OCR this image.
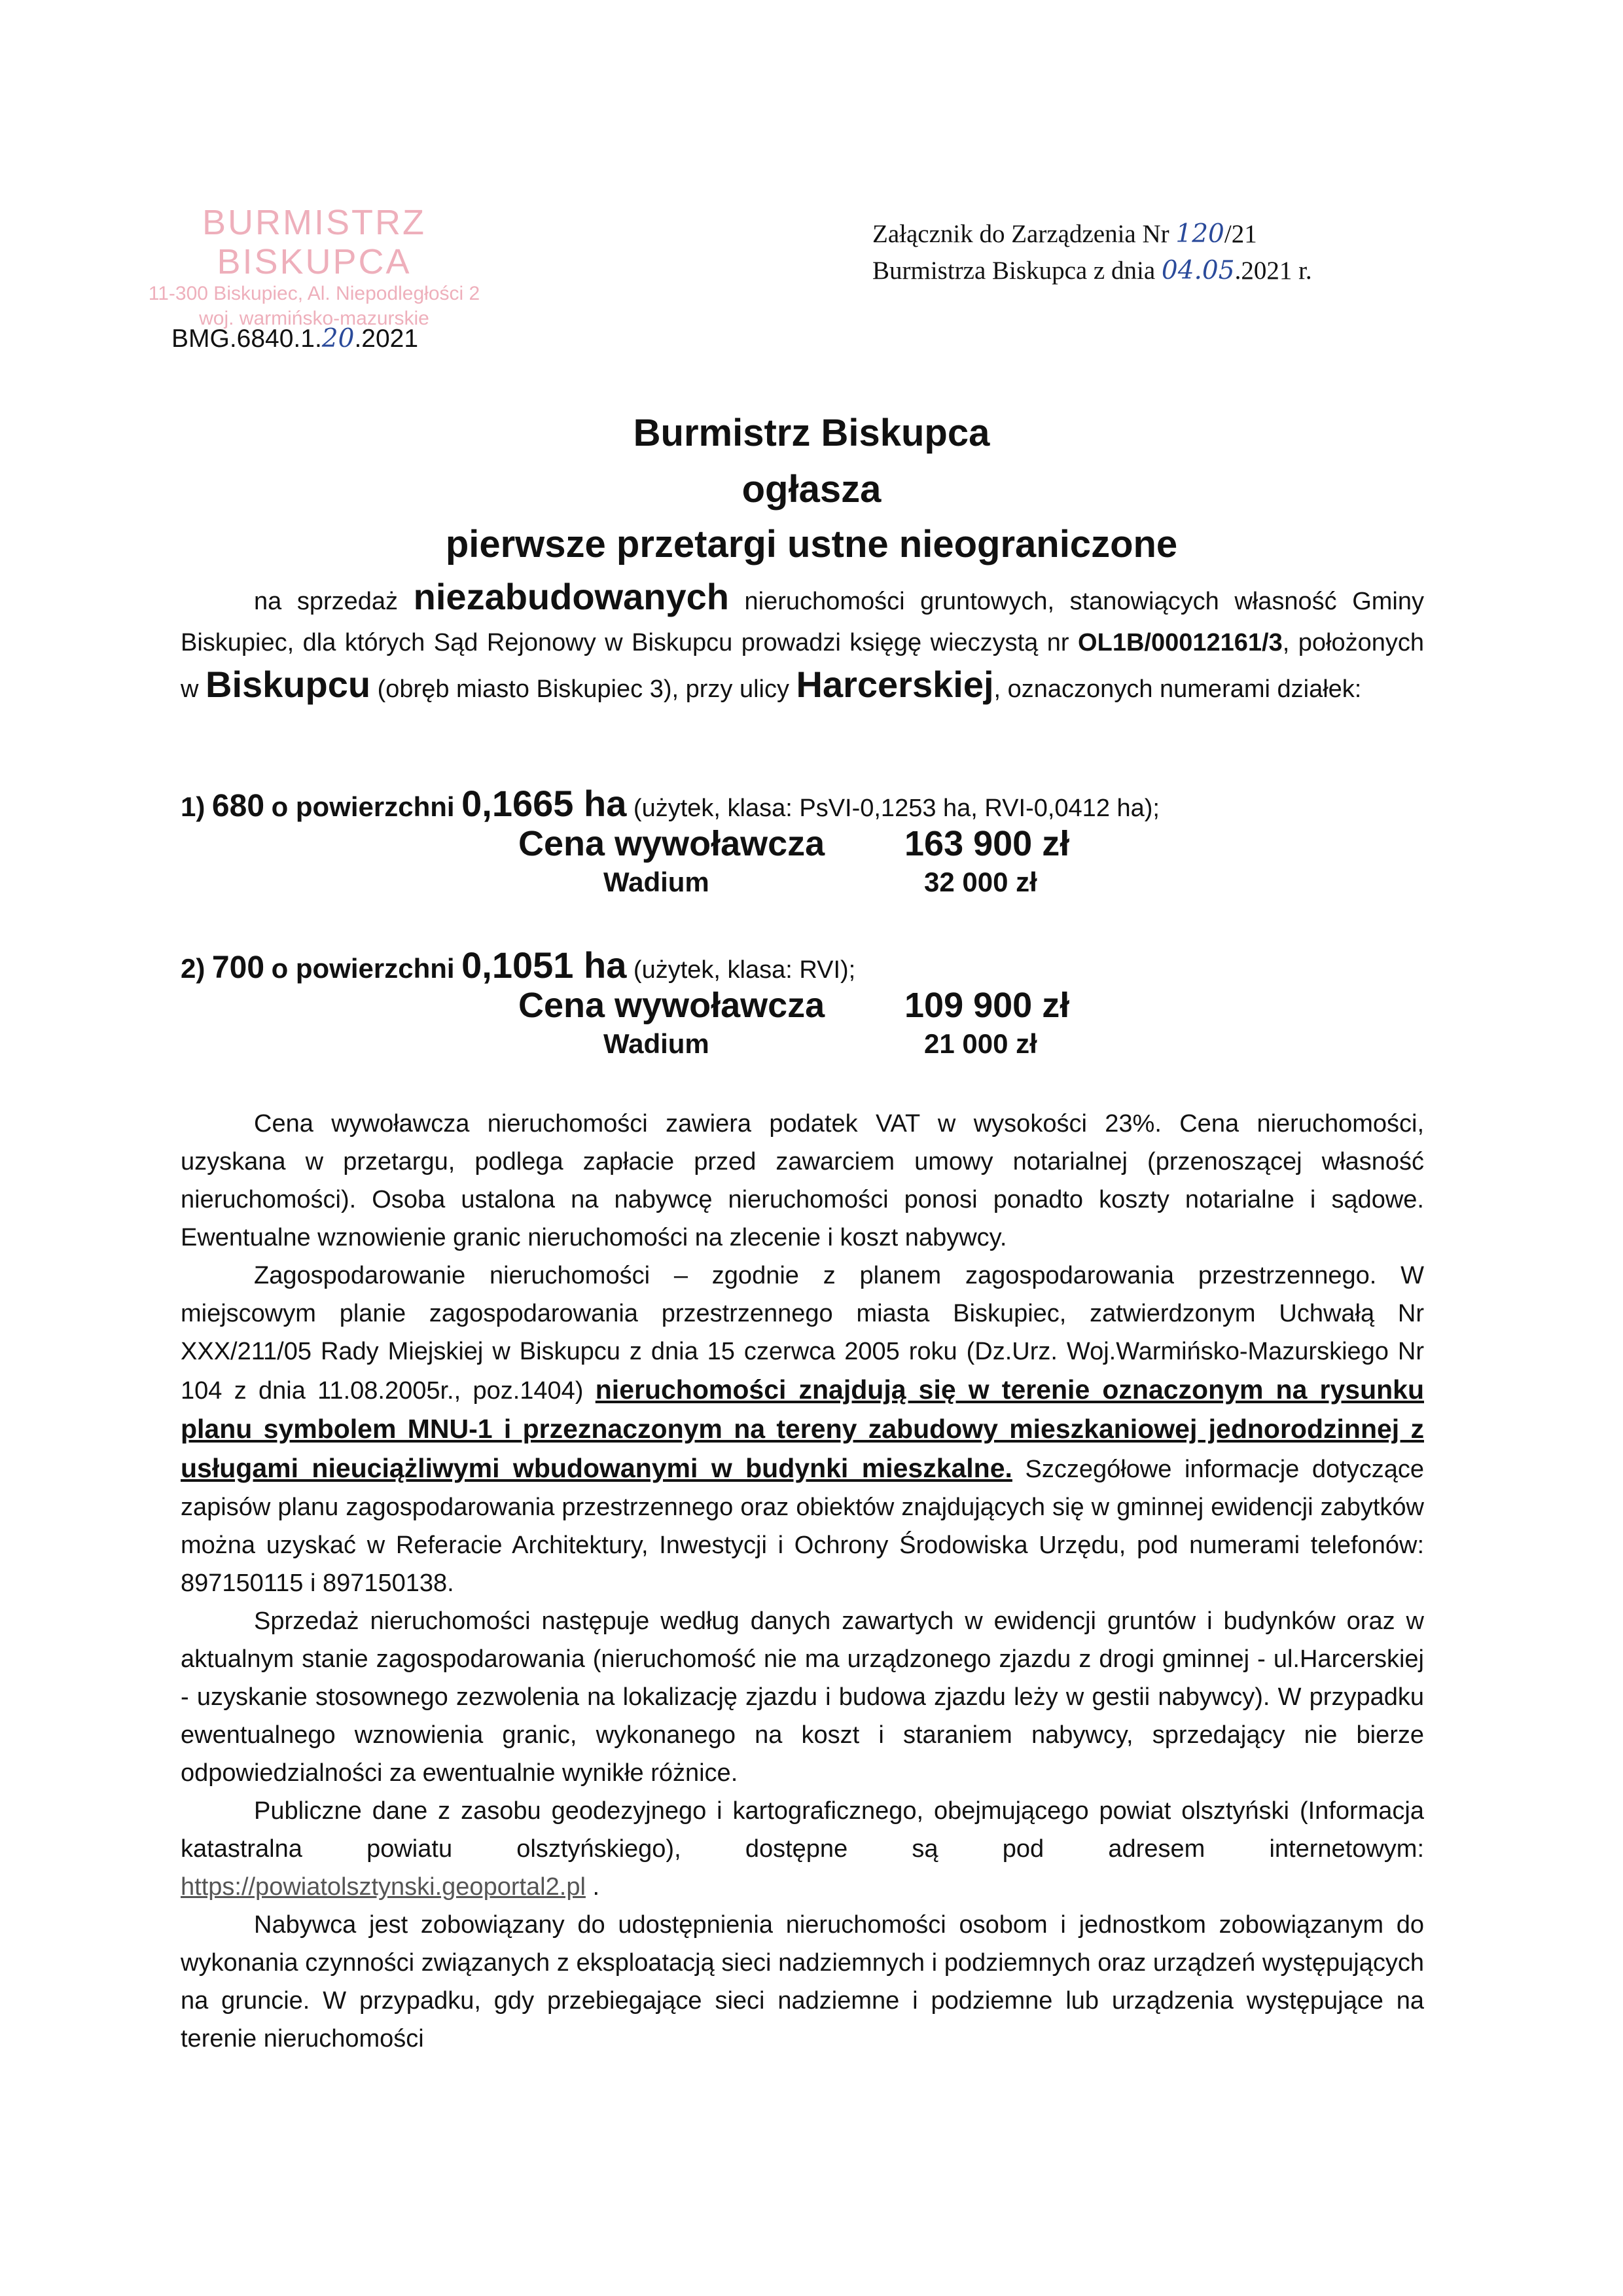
BURMISTRZ BISKUPCA
11-300 Biskupiec, Al. Niepodległości 2
woj. warmińsko-mazurskie
Załącznik do Zarządzenia Nr 120/21
Burmistrza Biskupca z dnia 04.05.2021 r.
BMG.6840.1.20.2021
Burmistrz Biskupca
ogłasza
pierwsze przetargi ustne nieograniczone

na sprzedaż niezabudowanych nieruchomości gruntowych, stanowiących własność Gminy Biskupiec, dla których Sąd Rejonowy w Biskupcu prowadzi księgę wieczystą nr OL1B/00012161/3, położonych w Biskupcu (obręb miasto Biskupiec 3), przy ulicy Harcerskiej, oznaczonych numerami działek:

1) 680 o powierzchni 0,1665 ha (użytek, klasa: PsVI-0,1253 ha, RVI-0,0412 ha);
Cena wywoławcza 163 900 zł
Wadium	32 000 zł
2) 700 o powierzchni 0,1051 ha (użytek, klasa: RVI);
Cena wywoławcza 109 900 zł
Wadium	21 000 zł

Cena wywoławcza nieruchomości zawiera podatek VAT w wysokości 23%. Cena nieruchomości, uzyskana w przetargu, podlega zapłacie przed zawarciem umowy notarialnej (przenoszącej własność nieruchomości). Osoba ustalona na nabywcę nieruchomości ponosi ponadto koszty notarialne i sądowe. Ewentualne wznowienie granic nieruchomości na zlecenie i koszt nabywcy.

Zagospodarowanie nieruchomości – zgodnie z planem zagospodarowania przestrzennego. W miejscowym planie zagospodarowania przestrzennego miasta Biskupiec, zatwierdzonym Uchwałą Nr XXX/211/05 Rady Miejskiej w Biskupcu z dnia 15 czerwca 2005 roku (Dz.Urz. Woj.Warmińsko-Mazurskiego Nr 104 z dnia 11.08.2005r., poz.1404) nieruchomości znajdują się w terenie oznaczonym na rysunku planu symbolem MNU-1 i przeznaczonym na tereny zabudowy mieszkaniowej jednorodzinnej z usługami nieuciążliwymi wbudowanymi w budynki mieszkalne. Szczegółowe informacje dotyczące zapisów planu zagospodarowania przestrzennego oraz obiektów znajdujących się w gminnej ewidencji zabytków można uzyskać w Referacie Architektury, Inwestycji i Ochrony Środowiska Urzędu, pod numerami telefonów: 897150115 i 897150138.

Sprzedaż nieruchomości następuje według danych zawartych w ewidencji gruntów i budynków oraz w aktualnym stanie zagospodarowania (nieruchomość nie ma urządzonego zjazdu z drogi gminnej - ul.Harcerskiej - uzyskanie stosownego zezwolenia na lokalizację zjazdu i budowa zjazdu leży w gestii nabywcy). W przypadku ewentualnego wznowienia granic, wykonanego na koszt i staraniem nabywcy, sprzedający nie bierze odpowiedzialności za ewentualnie wynikłe różnice.

Publiczne dane z zasobu geodezyjnego i kartograficznego, obejmującego powiat olsztyński (Informacja katastralna powiatu olsztyńskiego), dostępne są pod adresem internetowym: https://powiatolsztynski.geoportal2.pl .

Nabywca jest zobowiązany do udostępnienia nieruchomości osobom i jednostkom zobowiązanym do wykonania czynności związanych z eksploatacją sieci nadziemnych i podziemnych oraz urządzeń występujących na gruncie. W przypadku, gdy przebiegające sieci nadziemne i podziemne lub urządzenia występujące na terenie nieruchomości
